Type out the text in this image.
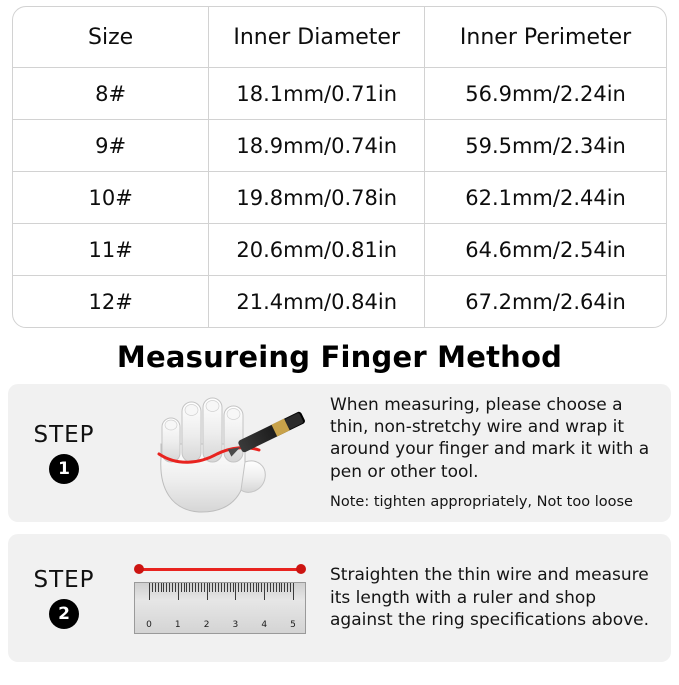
Size	Inner Diameter	Inner Perimeter
8#	18.1mm/0.71in	56.9mm/2.24in
9#	18.9mm/0.74in	59.5mm/2.34in
10#	19.8mm/0.78in	62.1mm/2.44in
11#	20.6mm/0.81in	64.6mm/2.54in
12#	21.4mm/0.84in	67.2mm/2.64in
Measureing Finger Method
STEP
1

When measuring, please choose a thin, non-stretchy wire and wrap it around your finger and mark it with a pen or other tool.

Note: tighten appropriately, Not too loose

STEP
2
0	1	2	3	4	5

Straighten the thin wire and measure its length with a ruler and shop against the ring specifications above.
